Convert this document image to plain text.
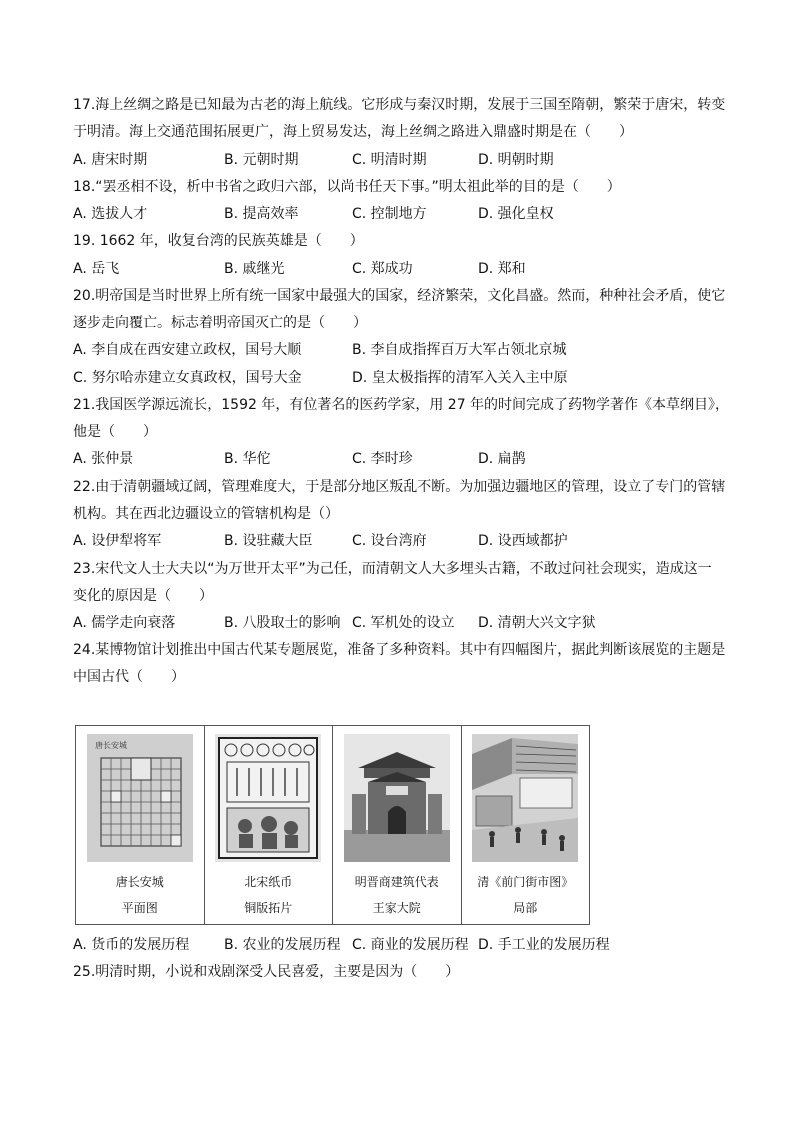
17.海上丝绸之路是已知最为古老的海上航线。它形成与秦汉时期，发展于三国至隋朝，繁荣于唐宋，转变
于明清。海上交通范围拓展更广，海上贸易发达，海上丝绸之路进入鼎盛时期是在（　　）
A. 唐宋时期	B. 元朝时期	C. 明清时期	D. 明朝时期
18.“罢丞相不设，析中书省之政归六部，以尚书任天下事。”明太祖此举的目的是（　　）
A. 选拔人才	B. 提高效率	C. 控制地方	D. 强化皇权
19. 1662 年，收复台湾的民族英雄是（　　）
A. 岳飞	B. 戚继光	C. 郑成功	D. 郑和
20.明帝国是当时世界上所有统一国家中最强大的国家，经济繁荣，文化昌盛。然而，种种社会矛盾，使它
逐步走向覆亡。标志着明帝国灭亡的是（　　）
A. 李自成在西安建立政权，国号大顺	B. 李自成指挥百万大军占领北京城
C. 努尔哈赤建立女真政权，国号大金	D. 皇太极指挥的清军入关入主中原
21.我国医学源远流长，1592 年，有位著名的医药学家，用 27 年的时间完成了药物学著作《本草纲目》，
他是（　　）
A. 张仲景	B. 华佗	C. 李时珍	D. 扁鹊
22.由于清朝疆域辽阔，管理难度大，于是部分地区叛乱不断。为加强边疆地区的管理，设立了专门的管辖
机构。其在西北边疆设立的管辖机构是（）
A. 设伊犁将军	B. 设驻藏大臣	C. 设台湾府	D. 设西域都护
23.宋代文人士大夫以“为万世开太平”为己任，而清朝文人大多埋头古籍，不敢过问社会现实，造成这一
变化的原因是（　　）
A. 儒学走向衰落	B. 八股取士的影响 C. 军机处的设立 D. 清朝大兴文字狱
24.某博物馆计划推出中国古代某专题展览，准备了多种资料。其中有四幅图片，据此判断该展览的主题是
中国古代（　　）
唐长安城
唐长安城
平面图
北宋纸币
铜版拓片
明晋商建筑代表
王家大院
清《前门街市图》
局部
A. 货币的发展历程 B. 农业的发展历程 C. 商业的发展历程 D. 手工业的发展历程
25.明清时期，小说和戏剧深受人民喜爱，主要是因为（　　）
